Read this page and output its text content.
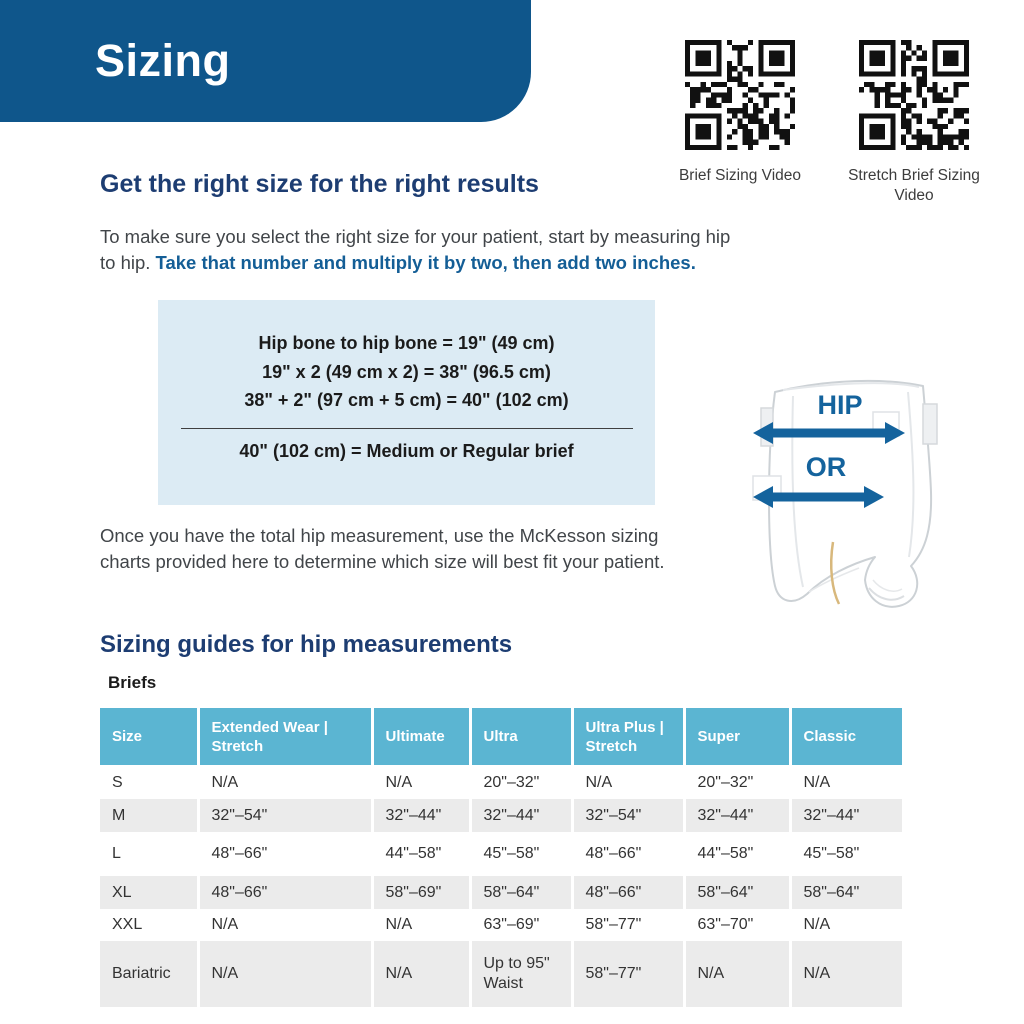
Sizing
Brief Sizing Video	Stretch Brief Sizing Video
Get the right size for the right results

To make sure you select the right size for your patient, start by measuring hip to hip. Take that number and multiply it by two, then add two inches.

Hip bone to hip bone = 19" (49 cm)

19" x 2 (49 cm x 2) = 38" (96.5 cm)

38" + 2" (97 cm + 5 cm) = 40" (102 cm)

40" (102 cm) = Medium or Regular brief

HIP
OR

Once you have the total hip measurement, use the McKesson sizing charts provided here to determine which size will best fit your patient.

Sizing guides for hip measurements
Briefs
Size	Extended Wear | Stretch	Ultimate	Ultra	Ultra Plus | Stretch	Super	Classic
S	N/A	N/A	20"–32"	N/A	20"–32"	N/A
M	32"–54"	32"–44"	32"–44"	32"–54"	32"–44"	32"–44"
L	48"–66"	44"–58"	45"–58"	48"–66"	44"–58"	45"–58"
XL	48"–66"	58"–69"	58"–64"	48"–66"	58"–64"	58"–64"
XXL	N/A	N/A	63"–69"	58"–77"	63"–70"	N/A
Bariatric	N/A	N/A	Up to 95" Waist	58"–77"	N/A	N/A
